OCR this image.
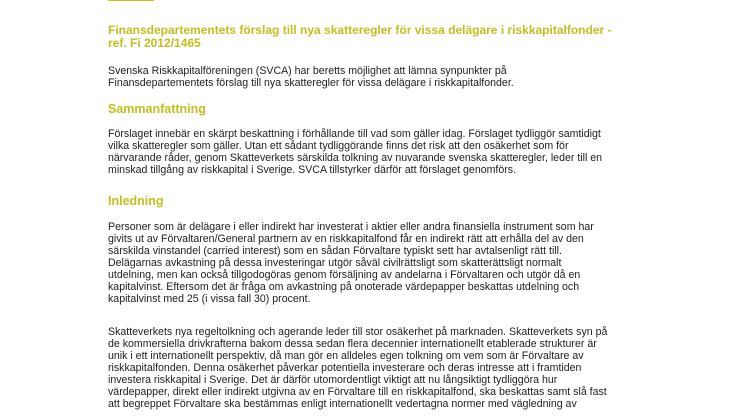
Finansdepartementets förslag till nya skatteregler för vissa delägare i riskkapitalfonder -
ref. Fi 2012/1465

Svenska Riskkapitalföreningen (SVCA) har beretts möjlighet att lämna synpunkter på
Finansdepartementets förslag till nya skatteregler för vissa delägare i riskkapitalfonder.

Sammanfattning

Förslaget innebär en skärpt beskattning i förhållande till vad som gäller idag. Förslaget tydliggör samtidigt
vilka skatteregler som gäller. Utan ett sådant tydliggörande finns det risk att den osäkerhet som för
närvarande råder, genom Skatteverkets särskilda tolkning av nuvarande svenska skatteregler, leder till en
minskad tillgång av riskkapital i Sverige. SVCA tillstyrker därför att förslaget genomförs.

Inledning

Personer som är delägare i eller indirekt har investerat i aktier eller andra finansiella instrument som har
givits ut av Förvaltaren/General partnern av en riskkapitalfond får en indirekt rätt att erhålla del av den
särskilda vinstandel (carried interest) som en sådan Förvaltare typiskt sett har avtalsenligt rätt till.
Delägarnas avkastning på dessa investeringar utgör såväl civilrättsligt som skatterättsligt normalt
utdelning, men kan också tillgodogöras genom försäljning av andelarna i Förvaltaren och utgör då en
kapitalvinst. Eftersom det är fråga om avkastning på onoterade värdepapper beskattas utdelning och
kapitalvinst med 25 (i vissa fall 30) procent.

Skatteverkets nya regeltolkning och agerande leder till stor osäkerhet på marknaden. Skatteverkets syn på
de kommersiella drivkrafterna bakom dessa sedan flera decennier internationellt etablerade strukturer är
unik i ett internationellt perspektiv, då man gör en alldeles egen tolkning om vem som är Förvaltare av
riskkapitalfonden. Denna osäkerhet påverkar potentiella investerare och deras intresse att i framtiden
investera riskkapital i Sverige. Det är därför utomordentligt viktigt att nu långsiktigt tydliggöra hur
värdepapper, direkt eller indirekt utgivna av en Förvaltare till en riskkapitalfond, ska beskattas samt slå fast
att begreppet Förvaltare ska bestämmas enligt internationellt vedertagna normer med vägledning av
